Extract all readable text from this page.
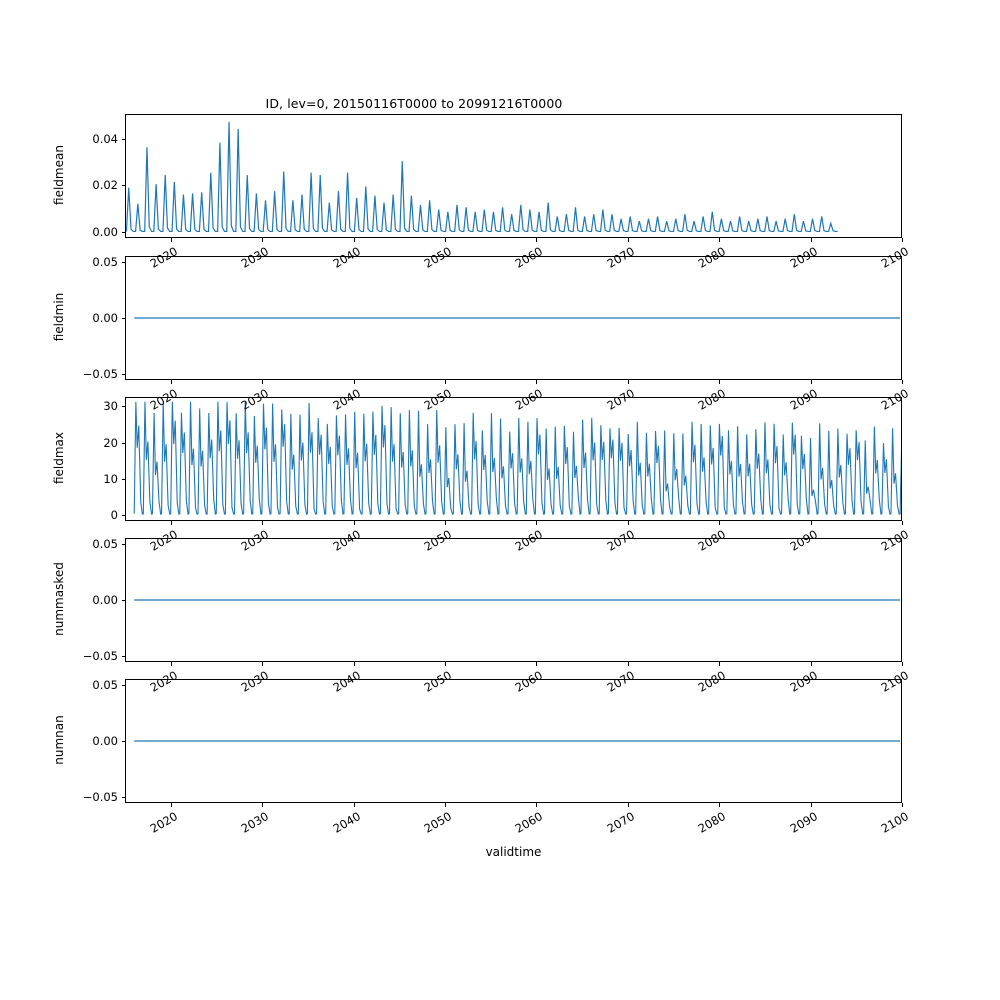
ID, lev=0, 20150116T0000 to 20991216T0000
validtime
0.00
0.02
0.04
fieldmean
2020	2030	2040	2050	2060	2070	2080	2090	2100
−0.05
0.00
0.05
fieldmin
2020	2030	2040	2050	2060	2070	2080	2090	2100
0
10
20
30
fieldmax
2020	2030	2040	2050	2060	2070	2080	2090	2100
−0.05
0.00
0.05
nummasked
2020	2030	2040	2050	2060	2070	2080	2090	2100
−0.05
0.00
0.05
numnan
2020	2030	2040	2050	2060	2070	2080	2090	2100
